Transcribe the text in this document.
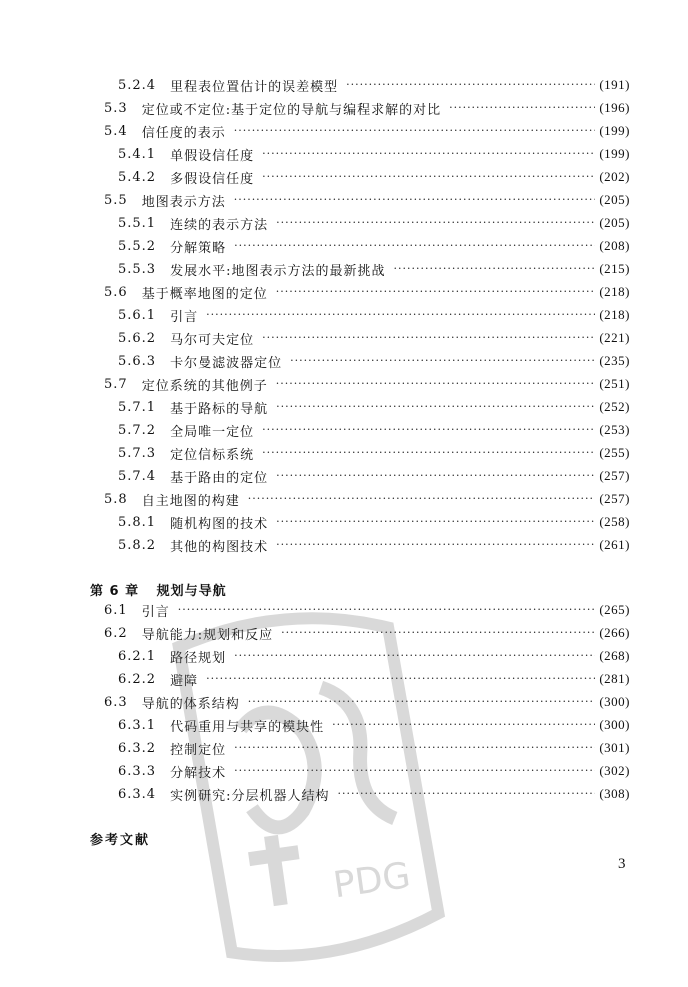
5.2.4 里程表位置估计的误差模型 ·····	(191)
5.3 定位或不定位:基于定位的导航与编程求解的对比 ·····	(196)
5.4 信任度的表示 ·····	(199)
5.4.1 单假设信任度 ·····	(199)
5.4.2 多假设信任度 ·····	(202)
5.5 地图表示方法 ·····	(205)
5.5.1 连续的表示方法 ·····	(205)
5.5.2 分解策略 ·····	(208)
5.5.3 发展水平:地图表示方法的最新挑战 ·····	(215)
5.6 基于概率地图的定位 ·····	(218)
5.6.1 引言 ·····	(218)
5.6.2 马尔可夫定位 ·····	(221)
5.6.3 卡尔曼滤波器定位 ·····	(235)
5.7 定位系统的其他例子 ·····	(251)
5.7.1 基于路标的导航 ·····	(252)
5.7.2 全局唯一定位 ·····	(253)
5.7.3 定位信标系统 ·····	(255)
5.7.4 基于路由的定位 ·····	(257)
5.8 自主地图的构建 ·····	(257)
5.8.1 随机构图的技术 ·····	(258)
5.8.2 其他的构图技术 ·····	(261)
第 6 章 规划与导航
6.1 引言 ·····	(265)
6.2 导航能力:规划和反应 ·····	(266)
6.2.1 路径规划 ·····	(268)
6.2.2 避障 ·····	(281)
6.3 导航的体系结构 ·····	(300)
6.3.1 代码重用与共享的模块性 ·····	(300)
6.3.2 控制定位 ·····	(301)
6.3.3 分解技术 ·····	(302)
6.3.4 实例研究:分层机器人结构 ·····	(308)
参考文献
3
PDG
